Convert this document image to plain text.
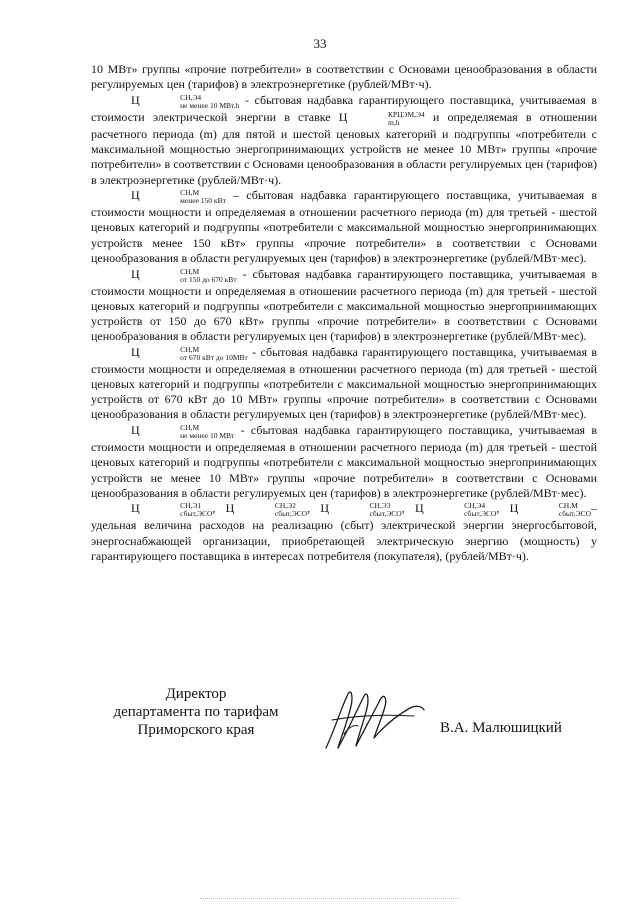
33

10 МВт» группы «прочие потребители» в соответствии с Основами ценообразования в области регулируемых цен (тарифов) в электроэнергетике (рублей/МВт·ч).

Ц	СН,Э4
не менее 10 МВт,h - сбытовая надбавка гарантирующего поставщика, учитываемая в стоимости электрической энергии в ставке Ц	КРЦЭМ,Э4
m,h	и определяемая в отношении расчетного периода (m) для пятой и шестой ценовых категорий и подгруппы «потребители с максимальной мощностью энергопринимающих устройств не менее 10 МВт» группы «прочие потребители» в соответствии с Основами ценообразования в области регулируемых цен (тарифов) в электроэнергетике (рублей/МВт·ч).

Ц	СН,М
менее 150 кВт – сбытовая надбавка гарантирующего поставщика, учитываемая в стоимости мощности и определяемая в отношении расчетного периода (m) для третьей - шестой ценовых категорий и подгруппы «потребители с максимальной мощностью энергопринимающих устройств менее 150 кВт» группы «прочие потребители» в соответствии с Основами ценообразования в области регулируемых цен (тарифов) в электроэнергетике (рублей/МВт·мес).

Ц	СН,М
от 150 до 670 кВт - сбытовая надбавка гарантирующего поставщика, учитываемая в стоимости мощности и определяемая в отношении расчетного периода (m) для третьей - шестой ценовых категорий и подгруппы «потребители с максимальной мощностью энергопринимающих устройств от 150 до 670 кВт» группы «прочие потребители» в соответствии с Основами ценообразования в области регулируемых цен (тарифов) в электроэнергетике (рублей/МВт·мес).

Ц	СН,М
от 670 кВт до 10МВт - сбытовая надбавка гарантирующего поставщика, учитываемая в стоимости мощности и определяемая в отношении расчетного периода (m) для третьей - шестой ценовых категорий и подгруппы «потребители с максимальной мощностью энергопринимающих устройств от 670 кВт до 10 МВт» группы «прочие потребители» в соответствии с Основами ценообразования в области регулируемых цен (тарифов) в электроэнергетике (рублей/МВт·мес).

Ц	СН,М
не менее 10 МВт - сбытовая надбавка гарантирующего поставщика, учитываемая в стоимости мощности и определяемая в отношении расчетного периода (m) для третьей - шестой ценовых категорий и подгруппы «потребители с максимальной мощностью энергопринимающих устройств не менее 10 МВт» группы «прочие потребители» в соответствии с Основами ценообразования в области регулируемых цен (тарифов) в электроэнергетике (рублей/МВт·мес).

Ц	СН,Э1
сбыт,ЭСО , Ц	СН,Э2
сбыт,ЭСО , Ц	СН,Э3
сбыт,ЭСО , Ц	СН,Э4
сбыт,ЭСО , Ц	СН,М
сбыт,ЭСО –удельная величина расходов на реализацию (сбыт) электрической энергии энергосбытовой, энергоснабжающей организации, приобретающей электрическую энергию (мощность) у гарантирующего поставщика в интересах потребителя (покупателя), (рублей/МВт·ч).

Директор
департамента по тарифам
Приморского края	В.А. Малюшицкий
